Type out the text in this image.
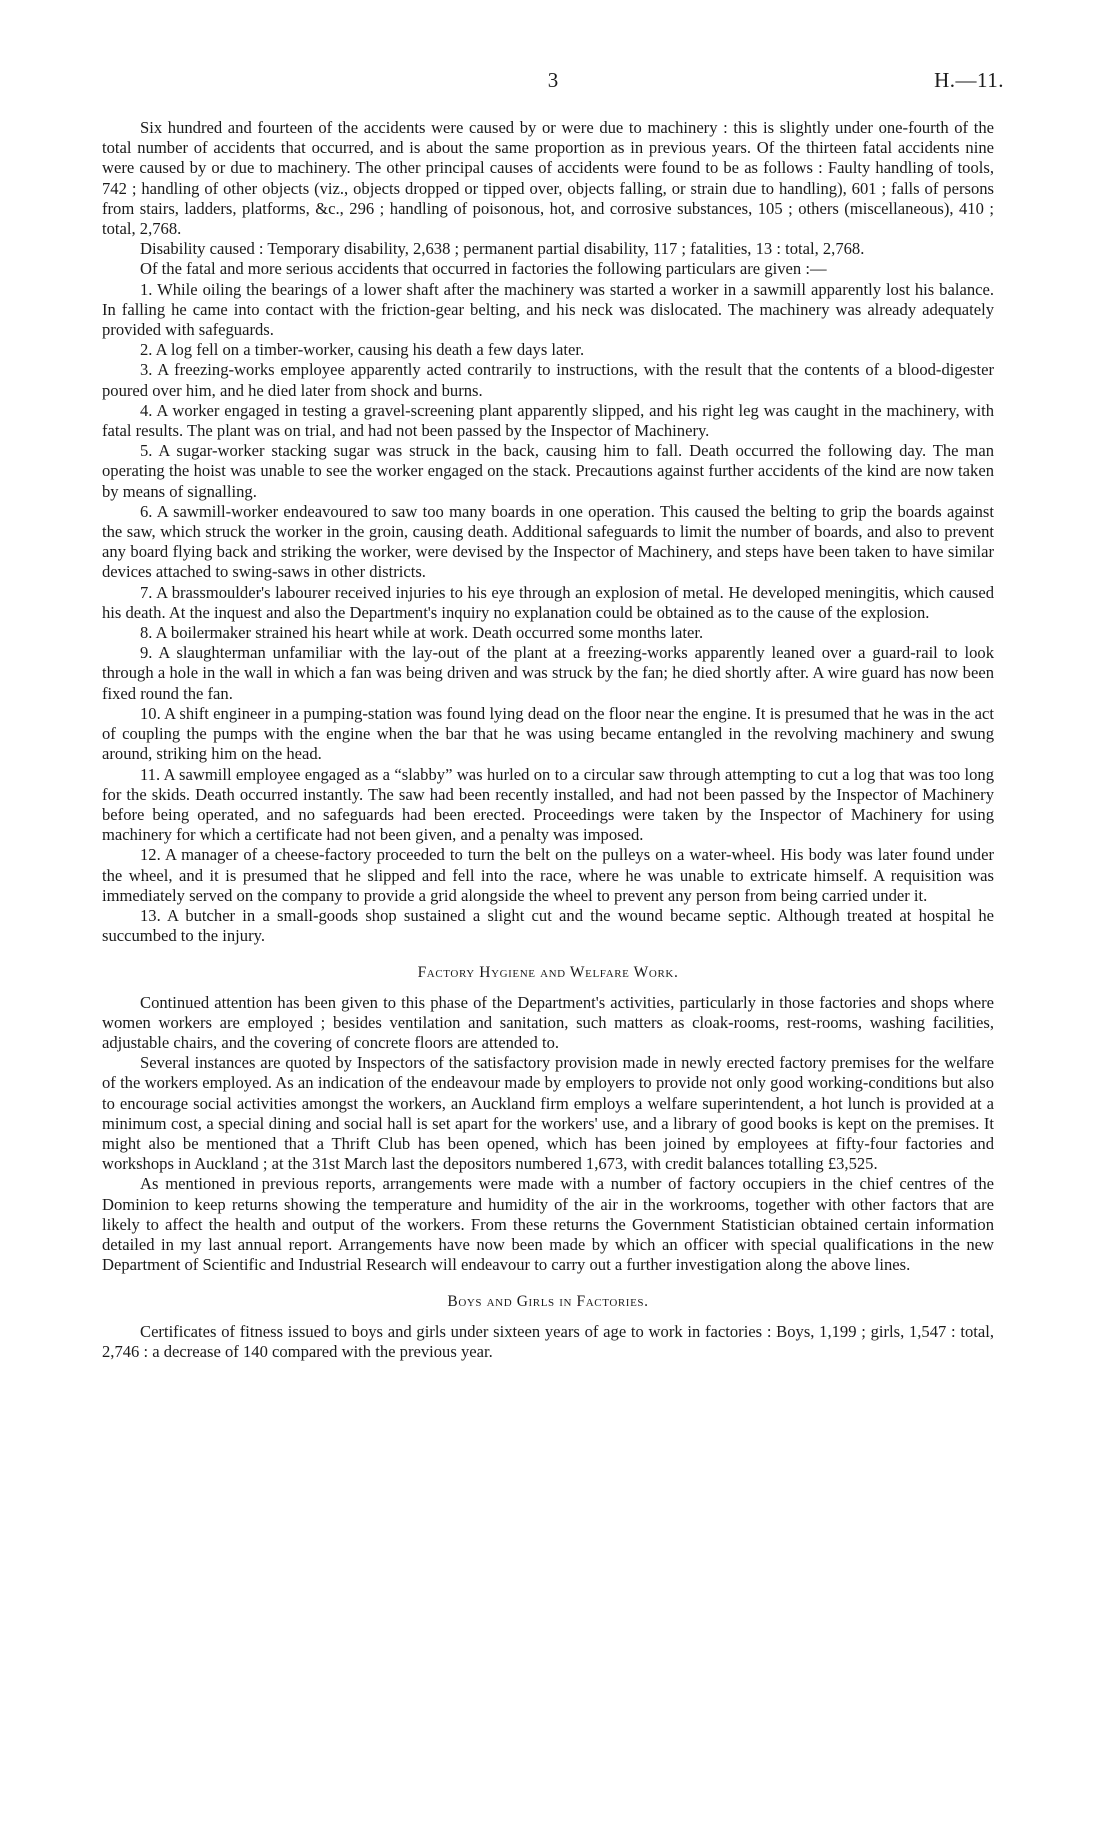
3	H.—11.

Six hundred and fourteen of the accidents were caused by or were due to machinery : this is slightly under one-fourth of the total number of accidents that occurred, and is about the same proportion as in previous years. Of the thirteen fatal accidents nine were caused by or due to machinery. The other principal causes of accidents were found to be as follows : Faulty handling of tools, 742 ; handling of other objects (viz., objects dropped or tipped over, objects falling, or strain due to handling), 601 ; falls of persons from stairs, ladders, platforms, &c., 296 ; handling of poisonous, hot, and corrosive substances, 105 ; others (miscellaneous), 410 ; total, 2,768.

Disability caused : Temporary disability, 2,638 ; permanent partial disability, 117 ; fatalities, 13 : total, 2,768.

Of the fatal and more serious accidents that occurred in factories the following particulars are given :—

1. While oiling the bearings of a lower shaft after the machinery was started a worker in a sawmill apparently lost his balance. In falling he came into contact with the friction-gear belting, and his neck was dislocated. The machinery was already adequately provided with safeguards.

2. A log fell on a timber-worker, causing his death a few days later.

3. A freezing-works employee apparently acted contrarily to instructions, with the result that the contents of a blood-digester poured over him, and he died later from shock and burns.

4. A worker engaged in testing a gravel-screening plant apparently slipped, and his right leg was caught in the machinery, with fatal results. The plant was on trial, and had not been passed by the Inspector of Machinery.

5. A sugar-worker stacking sugar was struck in the back, causing him to fall. Death occurred the following day. The man operating the hoist was unable to see the worker engaged on the stack. Precautions against further accidents of the kind are now taken by means of signalling.

6. A sawmill-worker endeavoured to saw too many boards in one operation. This caused the belting to grip the boards against the saw, which struck the worker in the groin, causing death. Additional safeguards to limit the number of boards, and also to prevent any board flying back and striking the worker, were devised by the Inspector of Machinery, and steps have been taken to have similar devices attached to swing-saws in other districts.

7. A brassmoulder's labourer received injuries to his eye through an explosion of metal. He developed meningitis, which caused his death. At the inquest and also the Department's inquiry no explanation could be obtained as to the cause of the explosion.

8. A boilermaker strained his heart while at work. Death occurred some months later.

9. A slaughterman unfamiliar with the lay-out of the plant at a freezing-works apparently leaned over a guard-rail to look through a hole in the wall in which a fan was being driven and was struck by the fan; he died shortly after. A wire guard has now been fixed round the fan.

10. A shift engineer in a pumping-station was found lying dead on the floor near the engine. It is presumed that he was in the act of coupling the pumps with the engine when the bar that he was using became entangled in the revolving machinery and swung around, striking him on the head.

11. A sawmill employee engaged as a “slabby” was hurled on to a circular saw through attempting to cut a log that was too long for the skids. Death occurred instantly. The saw had been recently installed, and had not been passed by the Inspector of Machinery before being operated, and no safeguards had been erected. Proceedings were taken by the Inspector of Machinery for using machinery for which a certificate had not been given, and a penalty was imposed.

12. A manager of a cheese-factory proceeded to turn the belt on the pulleys on a water-wheel. His body was later found under the wheel, and it is presumed that he slipped and fell into the race, where he was unable to extricate himself. A requisition was immediately served on the company to provide a grid alongside the wheel to prevent any person from being carried under it.

13. A butcher in a small-goods shop sustained a slight cut and the wound became septic. Although treated at hospital he succumbed to the injury.

Factory Hygiene and Welfare Work.

Continued attention has been given to this phase of the Department's activities, particularly in those factories and shops where women workers are employed ; besides ventilation and sanitation, such matters as cloak-rooms, rest-rooms, washing facilities, adjustable chairs, and the covering of concrete floors are attended to.

Several instances are quoted by Inspectors of the satisfactory provision made in newly erected factory premises for the welfare of the workers employed. As an indication of the endeavour made by employers to provide not only good working-conditions but also to encourage social activities amongst the workers, an Auckland firm employs a welfare superintendent, a hot lunch is provided at a minimum cost, a special dining and social hall is set apart for the workers' use, and a library of good books is kept on the premises. It might also be mentioned that a Thrift Club has been opened, which has been joined by employees at fifty-four factories and workshops in Auckland ; at the 31st March last the depositors numbered 1,673, with credit balances totalling £3,525.

As mentioned in previous reports, arrangements were made with a number of factory occupiers in the chief centres of the Dominion to keep returns showing the temperature and humidity of the air in the workrooms, together with other factors that are likely to affect the health and output of the workers. From these returns the Government Statistician obtained certain information detailed in my last annual report. Arrangements have now been made by which an officer with special qualifications in the new Department of Scientific and Industrial Research will endeavour to carry out a further investigation along the above lines.

Boys and Girls in Factories.

Certificates of fitness issued to boys and girls under sixteen years of age to work in factories : Boys, 1,199 ; girls, 1,547 : total, 2,746 : a decrease of 140 compared with the previous year.
